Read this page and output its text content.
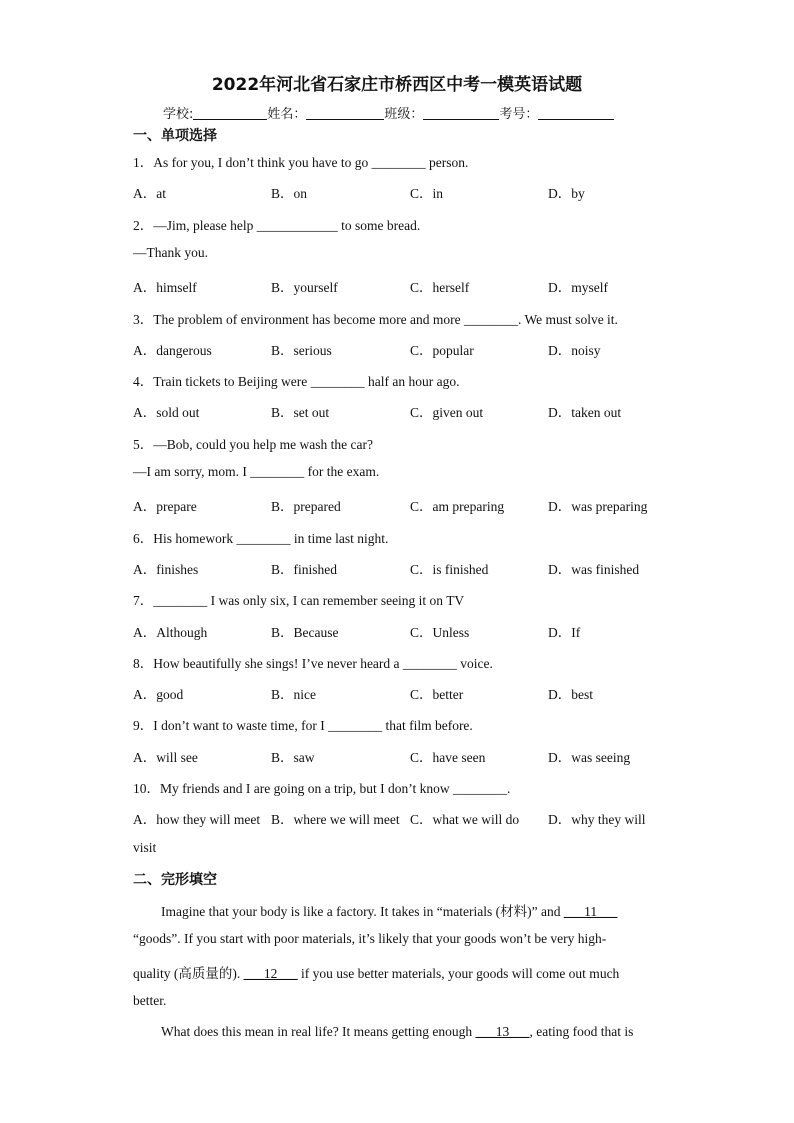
2022年河北省石家庄市桥西区中考一模英语试题
学校:	姓名：	班级：	考号：
一、单项选择
1．As for you, I don’t think you have to go ________ person.
A．at	B．on	C．in	D．by
2．—Jim, please help ____________ to some bread.
—Thank you.
A．himself	B．yourself	C．herself	D．myself
3．The problem of environment has become more and more ________. We must solve it.
A．dangerous	B．serious	C．popular	D．noisy
4．Train tickets to Beijing were ________ half an hour ago.
A．sold out	B．set out	C．given out	D．taken out
5．—Bob, could you help me wash the car?
—I am sorry, mom. I ________ for the exam.
A．prepare	B．prepared	C．am preparing	D．was preparing
6．His homework ________ in time last night.
A．finishes	B．finished	C．is finished	D．was finished
7．________ I was only six, I can remember seeing it on TV
A．Although	B．Because	C．Unless	D．If
8．How beautifully she sings! I’ve never heard a ________ voice.
A．good	B．nice	C．better	D．best
9．I don’t want to waste time, for I ________ that film before.
A．will see	B．saw	C．have seen	D．was seeing
10．My friends and I are going on a trip, but I don’t know ________.
A．how they will meet B．where we will meet C．what we will do D．why they will
visit
二、完形填空
Imagine that your body is like a factory. It takes in “materials (材料)” and ___11___
“goods”. If you start with poor materials, it’s likely that your goods won’t be very high-
quality (高质量的). ___12___ if you use better materials, your goods will come out much
better.
What does this mean in real life? It means getting enough ___13___, eating food that is
